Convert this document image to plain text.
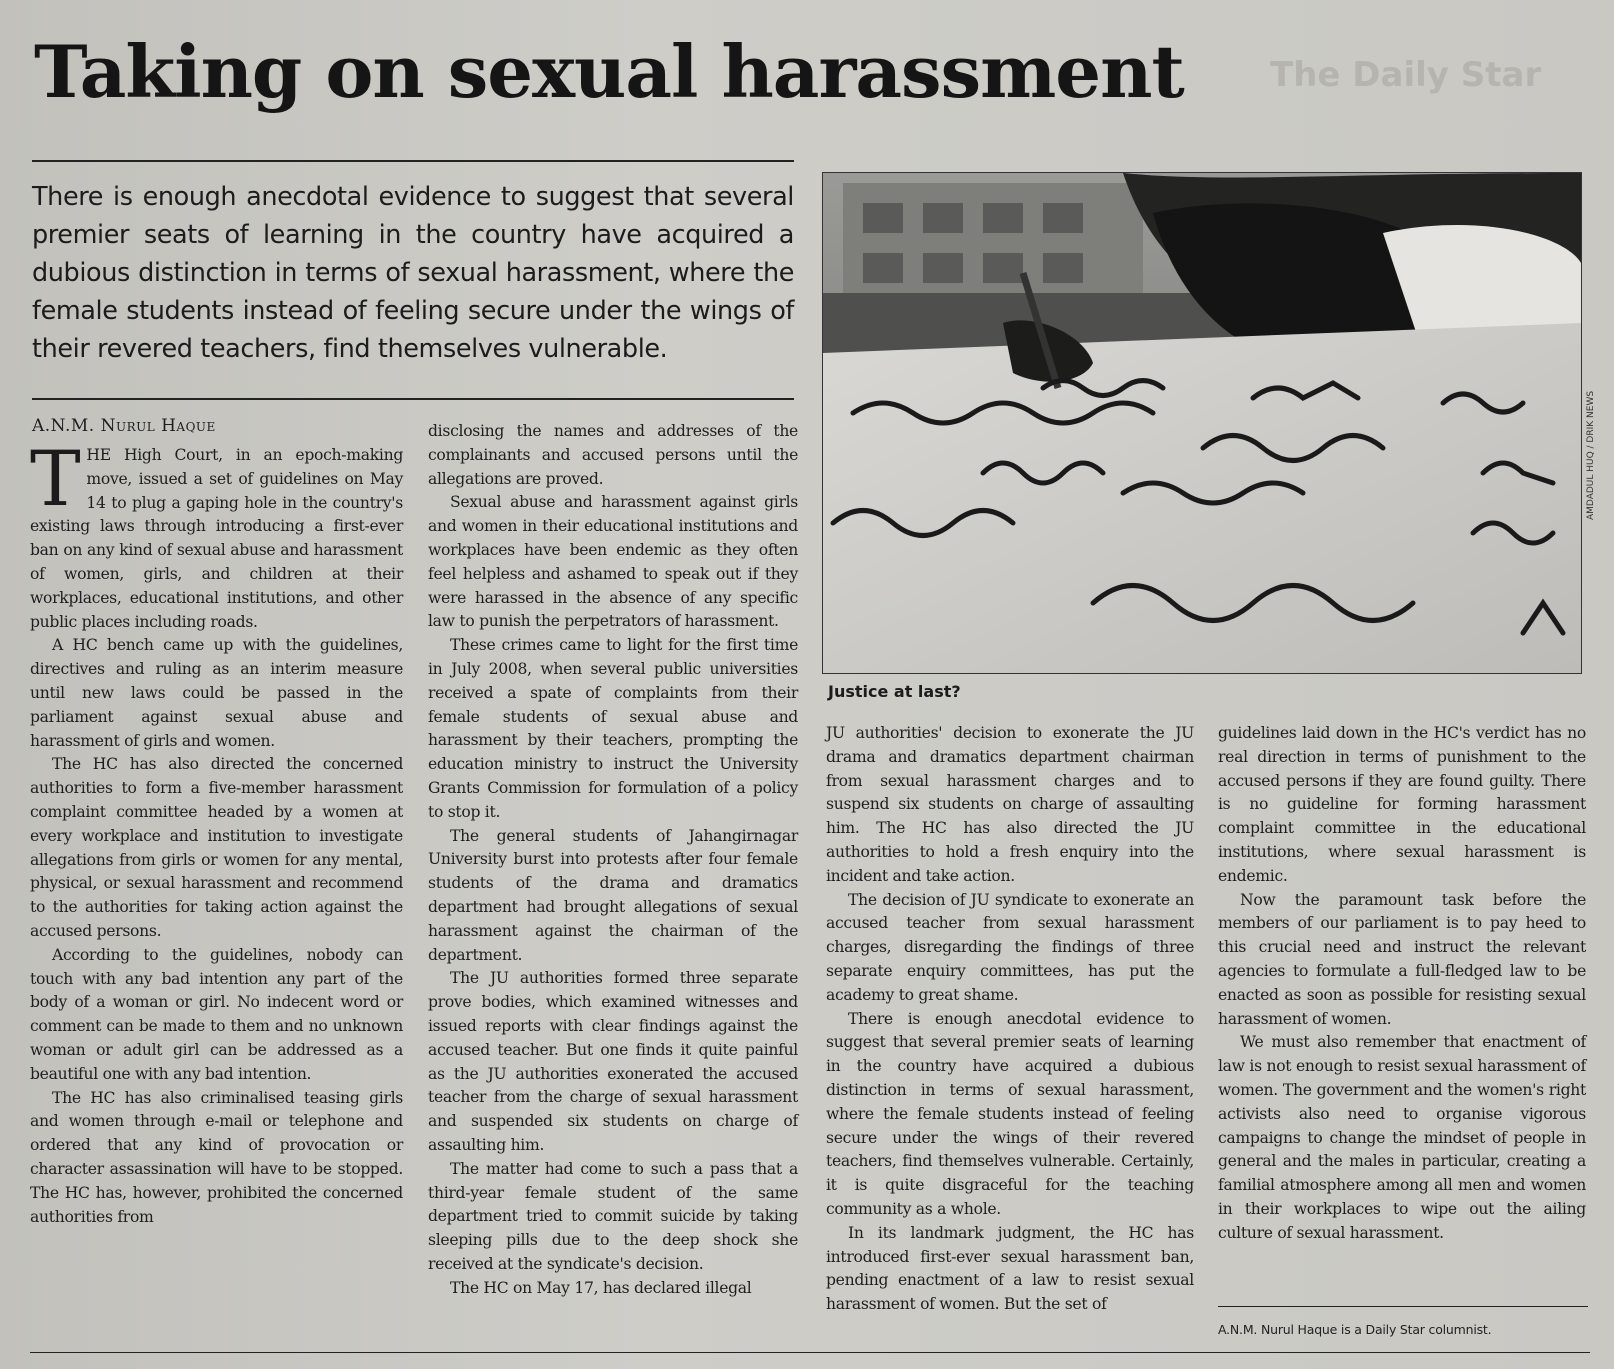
The Daily Star
Taking on sexual harassment
There is enough anecdotal evidence to suggest that several premier seats of learning in the country have acquired a dubious distinction in terms of sexual harassment, where the female students instead of feeling secure under the wings of their revered teachers, find themselves vulnerable.
A.N.M. Nurul Haque

THE High Court, in an epoch-making move, issued a set of guidelines on May 14 to plug a gaping hole in the country's existing laws through introducing a first-ever ban on any kind of sexual abuse and harassment of women, girls, and children at their workplaces, educational institutions, and other public places including roads.

A HC bench came up with the guidelines, directives and ruling as an interim measure until new laws could be passed in the parliament against sexual abuse and harassment of girls and women.

The HC has also directed the concerned authorities to form a five-member harassment complaint committee headed by a women at every workplace and institution to investigate allegations from girls or women for any mental, physical, or sexual harassment and recommend to the authorities for taking action against the accused persons.

According to the guidelines, nobody can touch with any bad intention any part of the body of a woman or girl. No indecent word or comment can be made to them and no unknown woman or adult girl can be addressed as a beautiful one with any bad intention.

The HC has also criminalised teasing girls and women through e-mail or telephone and ordered that any kind of provocation or character assassination will have to be stopped. The HC has, however, prohibited the concerned authorities from

disclosing the names and addresses of the complainants and accused persons until the allegations are proved.

Sexual abuse and harassment against girls and women in their educational institutions and workplaces have been endemic as they often feel helpless and ashamed to speak out if they were harassed in the absence of any specific law to punish the perpetrators of harassment.

These crimes came to light for the first time in July 2008, when several public universities received a spate of complaints from their female students of sexual abuse and harassment by their teachers, prompting the education ministry to instruct the University Grants Commission for formulation of a policy to stop it.

The general students of Jahangirnagar University burst into protests after four female students of the drama and dramatics department had brought allegations of sexual harassment against the chairman of the department.

The JU authorities formed three separate prove bodies, which examined witnesses and issued reports with clear findings against the accused teacher. But one finds it quite painful as the JU authorities exonerated the accused teacher from the charge of sexual harassment and suspended six students on charge of assaulting him.

The matter had come to such a pass that a third-year female student of the same department tried to commit suicide by taking sleeping pills due to the deep shock she received at the syndicate's decision.

The HC on May 17, has declared illegal

AMDADUL HUQ / DRIK NEWS
Justice at last?

JU authorities' decision to exonerate the JU drama and dramatics department chairman from sexual harassment charges and to suspend six students on charge of assaulting him. The HC has also directed the JU authorities to hold a fresh enquiry into the incident and take action.

The decision of JU syndicate to exonerate an accused teacher from sexual harassment charges, disregarding the findings of three separate enquiry committees, has put the academy to great shame.

There is enough anecdotal evidence to suggest that several premier seats of learning in the country have acquired a dubious distinction in terms of sexual harassment, where the female students instead of feeling secure under the wings of their revered teachers, find themselves vulnerable. Certainly, it is quite disgraceful for the teaching community as a whole.

In its landmark judgment, the HC has introduced first-ever sexual harassment ban, pending enactment of a law to resist sexual harassment of women. But the set of

guidelines laid down in the HC's verdict has no real direction in terms of punishment to the accused persons if they are found guilty. There is no guideline for forming harassment complaint committee in the educational institutions, where sexual harassment is endemic.

Now the paramount task before the members of our parliament is to pay heed to this crucial need and instruct the relevant agencies to formulate a full-fledged law to be enacted as soon as possible for resisting sexual harassment of women.

We must also remember that enactment of law is not enough to resist sexual harassment of women. The government and the women's right activists also need to organise vigorous campaigns to change the mindset of people in general and the males in particular, creating a familial atmosphere among all men and women in their workplaces to wipe out the ailing culture of sexual harassment.

A.N.M. Nurul Haque is a Daily Star columnist.
